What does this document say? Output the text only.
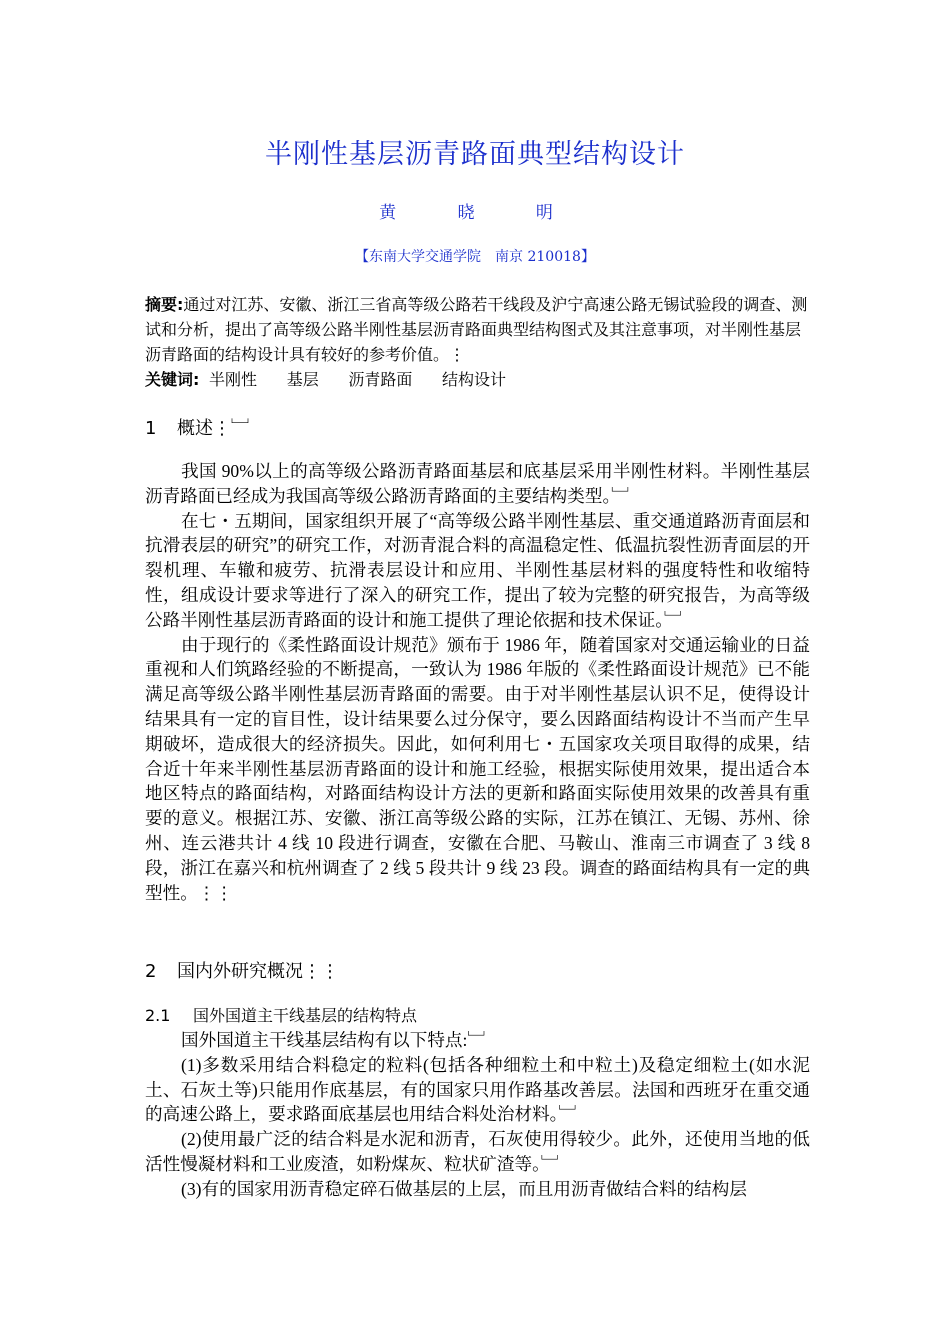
半刚性基层沥青路面典型结构设计
黄 晓 明
【东南大学交通学院　南京 210018】
摘要:通过对江苏、安徽、浙江三省高等级公路若干线段及沪宁高速公路无锡试验段的调查、测试和分析，提出了高等级公路半刚性基层沥青路面典型结构图式及其注意事项，对半刚性基层沥青路面的结构设计具有较好的参考价值。⋮
关键词: 半刚性 基层 沥青路面 结构设计
1 概述⋮﹈

我国 90%以上的高等级公路沥青路面基层和底基层采用半刚性材料。半刚性基层沥青路面已经成为我国高等级公路沥青路面的主要结构类型。﹈

在七・五期间，国家组织开展了“高等级公路半刚性基层、重交通道路沥青面层和抗滑表层的研究”的研究工作，对沥青混合料的高温稳定性、低温抗裂性沥青面层的开裂机理、车辙和疲劳、抗滑表层设计和应用、半刚性基层材料的强度特性和收缩特性，组成设计要求等进行了深入的研究工作，提出了较为完整的研究报告，为高等级公路半刚性基层沥青路面的设计和施工提供了理论依据和技术保证。﹈

由于现行的《柔性路面设计规范》颁布于 1986 年，随着国家对交通运输业的日益重视和人们筑路经验的不断提高，一致认为 1986 年版的《柔性路面设计规范》已不能满足高等级公路半刚性基层沥青路面的需要。由于对半刚性基层认识不足，使得设计结果具有一定的盲目性，设计结果要么过分保守，要么因路面结构设计不当而产生早期破坏，造成很大的经济损失。因此，如何利用七・五国家攻关项目取得的成果，结合近十年来半刚性基层沥青路面的设计和施工经验，根据实际使用效果，提出适合本地区特点的路面结构，对路面结构设计方法的更新和路面实际使用效果的改善具有重要的意义。根据江苏、安徽、浙江高等级公路的实际，江苏在镇江、无锡、苏州、徐州、连云港共计 4 线 10 段进行调查，安徽在合肥、马鞍山、淮南三市调查了 3 线 8 段，浙江在嘉兴和杭州调查了 2 线 5 段共计 9 线 23 段。调查的路面结构具有一定的典型性。⋮⋮

2 国内外研究概况⋮⋮
2.1 国外国道主干线基层的结构特点

国外国道主干线基层结构有以下特点:﹈

(1)多数采用结合料稳定的粒料(包括各种细粒土和中粒土)及稳定细粒土(如水泥土、石灰土等)只能用作底基层，有的国家只用作路基改善层。法国和西班牙在重交通的高速公路上，要求路面底基层也用结合料处治材料。﹈

(2)使用最广泛的结合料是水泥和沥青，石灰使用得较少。此外，还使用当地的低活性慢凝材料和工业废渣，如粉煤灰、粒状矿渣等。﹈

(3)有的国家用沥青稳定碎石做基层的上层，而且用沥青做结合料的结构层
